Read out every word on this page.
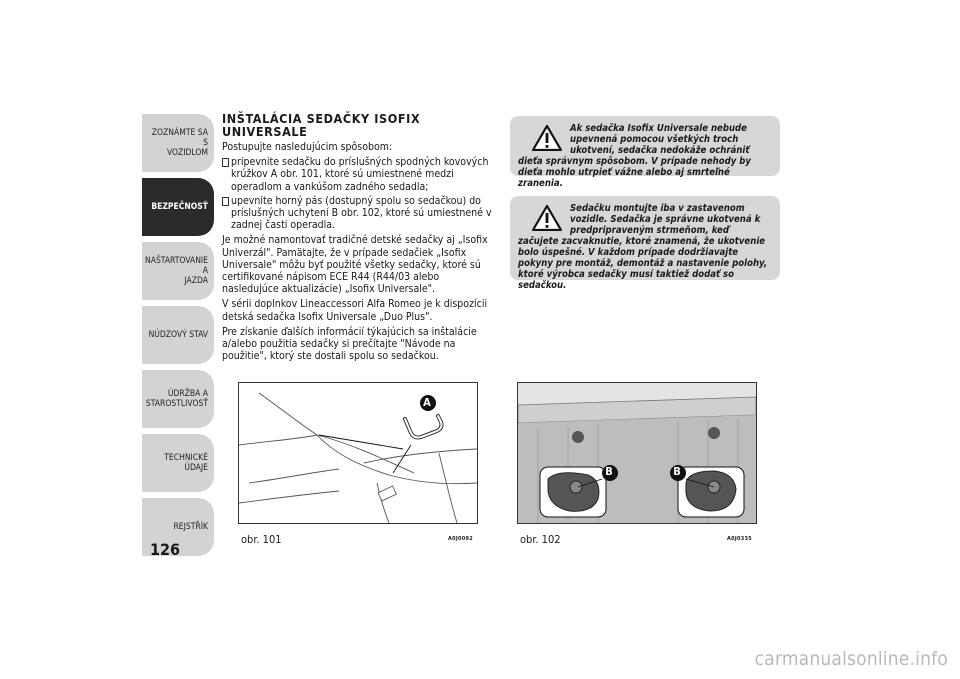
ZOZNÁMTE SA S
VOZIDLOM
BEZPEČNOSŤ
NAŠTARTOVANIE A
JAZDA
NÚDZOVÝ STAV
ÚDRŽBA A
STAROSTLIVOSŤ
TECHNICKÉ ÚDAJE
REJSTŘÍK
126
INŠTALÁCIA SEDAČKY ISOFIX UNIVERSALE

Postupujte nasledujúcim spôsobom:

pripevnite sedačku do príslušných spodných kovových krúžkov A obr. 101, ktoré sú umiestnené medzi operadlom a vankúšom zadného sedadla;
upevnite horný pás (dostupný spolu so sedačkou) do príslušných uchytení B obr. 102, ktoré sú umiestnené v zadnej časti operadla.

Je možné namontovať tradičné detské sedačky aj „Isofix Univerzál". Pamätajte, že v prípade sedačiek „Isofix Universale" môžu byť použité všetky sedačky, ktoré sú certifikované nápisom ECE R44 (R44/03 alebo nasledujúce aktualizácie) „Isofix Universale".

V sérii doplnkov Lineaccessori Alfa Romeo je k dispozícii detská sedačka Isofix Universale „Duo Plus".

Pre získanie ďalších informácií týkajúcich sa inštalácie a/alebo použitia sedačky si prečítajte "Návode na použitie", ktorý ste dostali spolu so sedačkou.

Ak sedačka Isofix Universale nebude upevnená pomocou všetkých troch ukotvení, sedačka nedokáže ochrániť dieťa správnym spôsobom. V prípade nehody by dieťa mohlo utrpieť vážne alebo aj smrteľné zranenia.
Sedačku montujte iba v zastavenom vozidle. Sedačka je správne ukotvená k predpripraveným strmeňom, keď začujete zacvaknutie, ktoré znamená, že ukotvenie bolo úspešné. V každom prípade dodržiavajte pokyny pre montáž, demontáž a nastavenie polohy, ktoré výrobca sedačky musí taktiež dodať so sedačkou.
A
obr. 101	A0J0092
B	B
obr. 102	A0J0335
carmanualsonline.info
